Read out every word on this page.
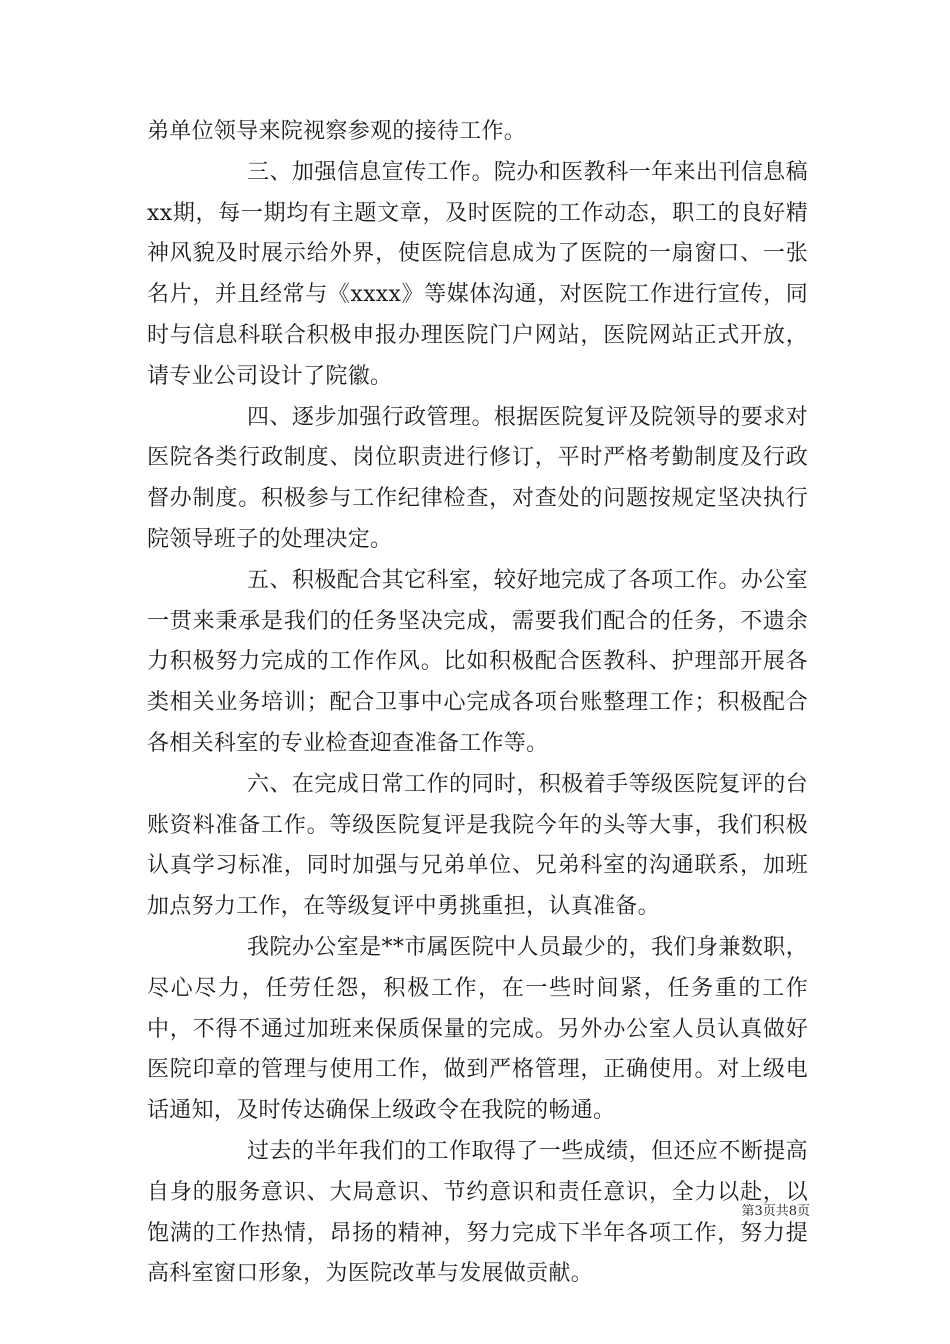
弟单位领导来院视察参观的接待工作。

三、加强信息宣传工作。院办和医教科一年来出刊信息稿xx期，每一期均有主题文章，及时医院的工作动态，职工的良好精神风貌及时展示给外界，使医院信息成为了医院的一扇窗口、一张名片，并且经常与《xxxx》等媒体沟通，对医院工作进行宣传，同时与信息科联合积极申报办理医院门户网站，医院网站正式开放，请专业公司设计了院徽。

四、逐步加强行政管理。根据医院复评及院领导的要求对医院各类行政制度、岗位职责进行修订，平时严格考勤制度及行政督办制度。积极参与工作纪律检查，对查处的问题按规定坚决执行院领导班子的处理决定。

五、积极配合其它科室，较好地完成了各项工作。办公室一贯来秉承是我们的任务坚决完成，需要我们配合的任务，不遗余力积极努力完成的工作作风。比如积极配合医教科、护理部开展各类相关业务培训；配合卫事中心完成各项台账整理工作；积极配合各相关科室的专业检查迎查准备工作等。

六、在完成日常工作的同时，积极着手等级医院复评的台账资料准备工作。等级医院复评是我院今年的头等大事，我们积极认真学习标准，同时加强与兄弟单位、兄弟科室的沟通联系，加班加点努力工作，在等级复评中勇挑重担，认真准备。

我院办公室是**市属医院中人员最少的，我们身兼数职，尽心尽力，任劳任怨，积极工作，在一些时间紧，任务重的工作中，不得不通过加班来保质保量的完成。另外办公室人员认真做好医院印章的管理与使用工作，做到严格管理，正确使用。对上级电话通知，及时传达确保上级政令在我院的畅通。

过去的半年我们的工作取得了一些成绩，但还应不断提高自身的服务意识、大局意识、节约意识和责任意识，全力以赴，以饱满的工作热情，昂扬的精神，努力完成下半年各项工作，努力提高科室窗口形象，为医院改革与发展做贡献。

第3页共8页
